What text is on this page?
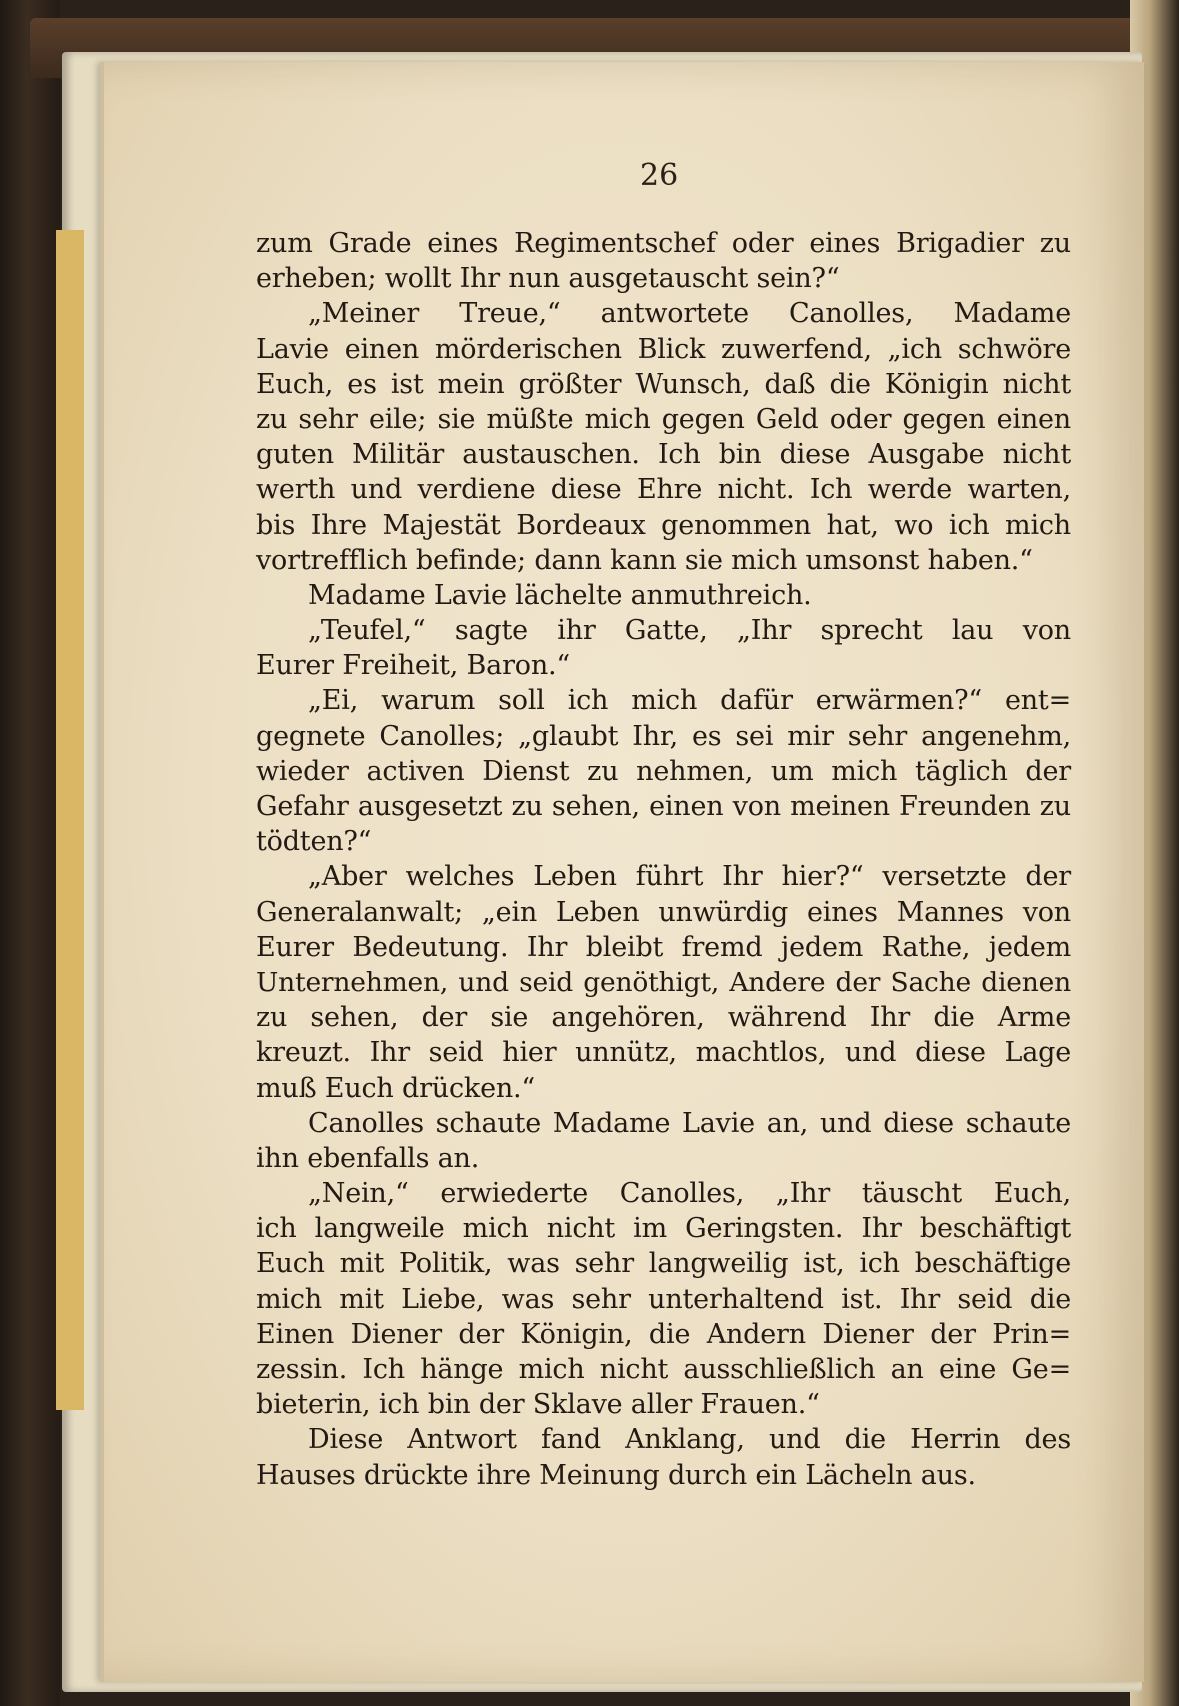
26
zum Grade eines Regimentschef oder eines Brigadier zu
erheben; wollt Ihr nun ausgetauscht sein?“
„Meiner Treue,“ antwortete Canolles, Madame
Lavie einen mörderischen Blick zuwerfend, „ich schwöre
Euch, es ist mein größter Wunsch, daß die Königin nicht
zu sehr eile; sie müßte mich gegen Geld oder gegen einen
guten Militär austauschen. Ich bin diese Ausgabe nicht
werth und verdiene diese Ehre nicht. Ich werde warten,
bis Ihre Majestät Bordeaux genommen hat, wo ich mich
vortrefflich befinde; dann kann sie mich umsonst haben.“
Madame Lavie lächelte anmuthreich.
„Teufel,“ sagte ihr Gatte, „Ihr sprecht lau von
Eurer Freiheit, Baron.“
„Ei, warum soll ich mich dafür erwärmen?“ ent=
gegnete Canolles; „glaubt Ihr, es sei mir sehr angenehm,
wieder activen Dienst zu nehmen, um mich täglich der
Gefahr ausgesetzt zu sehen, einen von meinen Freunden zu
tödten?“
„Aber welches Leben führt Ihr hier?“ versetzte der
Generalanwalt; „ein Leben unwürdig eines Mannes von
Eurer Bedeutung. Ihr bleibt fremd jedem Rathe, jedem
Unternehmen, und seid genöthigt, Andere der Sache dienen
zu sehen, der sie angehören, während Ihr die Arme
kreuzt. Ihr seid hier unnütz, machtlos, und diese Lage
muß Euch drücken.“
Canolles schaute Madame Lavie an, und diese schaute
ihn ebenfalls an.
„Nein,“ erwiederte Canolles, „Ihr täuscht Euch,
ich langweile mich nicht im Geringsten. Ihr beschäftigt
Euch mit Politik, was sehr langweilig ist, ich beschäftige
mich mit Liebe, was sehr unterhaltend ist. Ihr seid die
Einen Diener der Königin, die Andern Diener der Prin=
zessin. Ich hänge mich nicht ausschließlich an eine Ge=
bieterin, ich bin der Sklave aller Frauen.“
Diese Antwort fand Anklang, und die Herrin des
Hauses drückte ihre Meinung durch ein Lächeln aus.
